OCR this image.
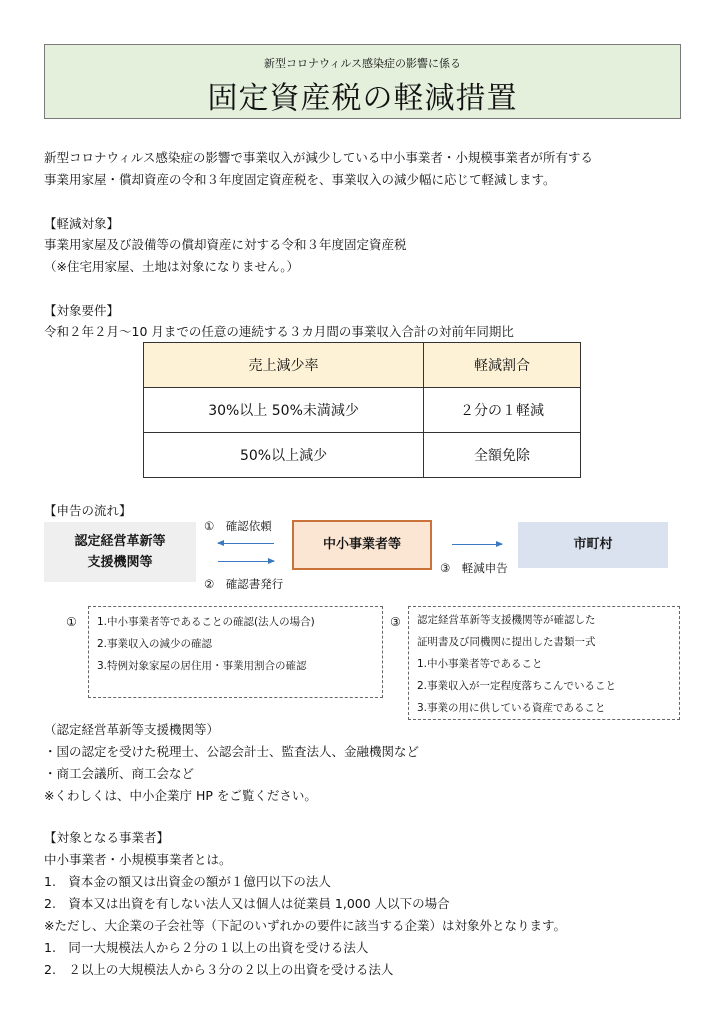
新型コロナウィルス感染症の影響に係る
固定資産税の軽減措置
新型コロナウィルス感染症の影響で事業収入が減少している中小事業者・小規模事業者が所有する
事業用家屋・償却資産の令和３年度固定資産税を、事業収入の減少幅に応じて軽減します。
【軽減対象】
事業用家屋及び設備等の償却資産に対する令和３年度固定資産税
（※住宅用家屋、土地は対象になりません。）
【対象要件】
令和２年２月～10 月までの任意の連続する３カ月間の事業収入合計の対前年同期比
売上減少率	軽減割合
30%以上 50%未満減少	２分の１軽減
50%以上減少	全額免除
【申告の流れ】
認定経営革新等
支援機関等
①　確認依頼
②　確認書発行
中小事業者等
③　軽減申告
市町村
① 1.中小事業者等であることの確認(法人の場合)
2.事業収入の減少の確認
3.特例対象家屋の居住用・事業用割合の確認
③ 認定経営革新等支援機関等が確認した
証明書及び同機関に提出した書類一式
1.中小事業者等であること
2.事業収入が一定程度落ちこんでいること
3.事業の用に供している資産であること
（認定経営革新等支援機関等）
・国の認定を受けた税理士、公認会計士、監査法人、金融機関など
・商工会議所、商工会など
※くわしくは、中小企業庁 HP をご覧ください。
【対象となる事業者】
中小事業者・小規模事業者とは。
1.　資本金の額又は出資金の額が１億円以下の法人
2.　資本又は出資を有しない法人又は個人は従業員 1,000 人以下の場合
※ただし、大企業の子会社等（下記のいずれかの要件に該当する企業）は対象外となります。
1.　同一大規模法人から２分の１以上の出資を受ける法人
2.　２以上の大規模法人から３分の２以上の出資を受ける法人
